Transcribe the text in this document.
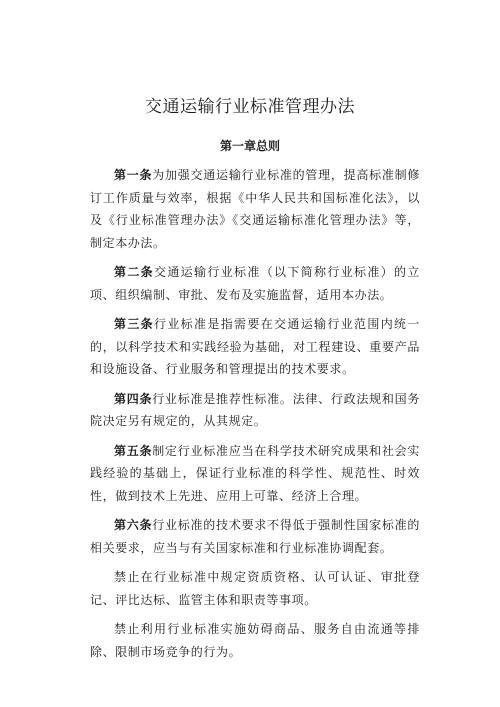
交通运输行业标准管理办法
第一章总则

第一条为加强交通运输行业标准的管理，提高标准制修订工作质量与效率，根据《中华人民共和国标准化法》，以及《行业标准管理办法》《交通运输标准化管理办法》等，制定本办法。

第二条交通运输行业标准（以下简称行业标准）的立项、组织编制、审批、发布及实施监督，适用本办法。

第三条行业标准是指需要在交通运输行业范围内统一的，以科学技术和实践经验为基础，对工程建设、重要产品和设施设备、行业服务和管理提出的技术要求。

第四条行业标准是推荐性标准。法律、行政法规和国务院决定另有规定的，从其规定。

第五条制定行业标准应当在科学技术研究成果和社会实践经验的基础上，保证行业标准的科学性、规范性、时效性，做到技术上先进、应用上可靠、经济上合理。

第六条行业标准的技术要求不得低于强制性国家标准的相关要求，应当与有关国家标准和行业标准协调配套。

禁止在行业标准中规定资质资格、认可认证、审批登记、评比达标、监管主体和职责等事项。

禁止利用行业标准实施妨碍商品、服务自由流通等排除、限制市场竞争的行为。
